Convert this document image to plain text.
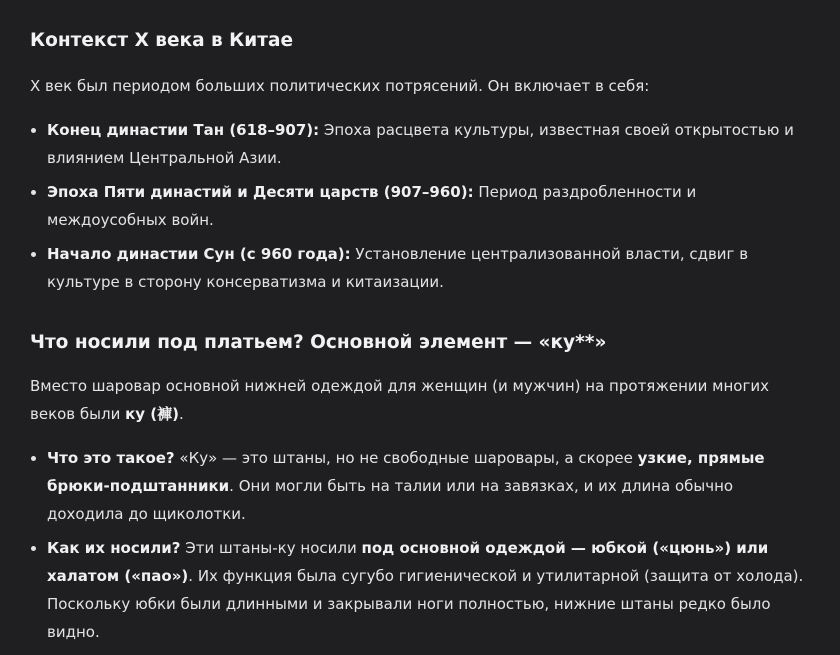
Контекст X века в Китае

X век был периодом больших политических потрясений. Он включает в себя:

• Конец династии Тан (618–907): Эпоха расцвета культуры, известная своей открытостью и влиянием Центральной Азии.
• Эпоха Пяти династий и Десяти царств (907–960): Период раздробленности и междоусобных войн.
• Начало династии Сун (с 960 года): Установление централизованной власти, сдвиг в культуре в сторону консерватизма и китаизации.
Что носили под платьем? Основной элемент — «ку**»

Вместо шаровар основной нижней одеждой для женщин (и мужчин) на протяжении многих веков были ку (褲).

• Что это такое? «Ку» — это штаны, но не свободные шаровары, а скорее узкие, прямые брюки-подштанники. Они могли быть на талии или на завязках, и их длина обычно доходила до щиколотки.
• Как их носили? Эти штаны-ку носили под основной одеждой — юбкой («цюнь») или халатом («пао»). Их функция была сугубо гигиенической и утилитарной (защита от холода). Поскольку юбки были длинными и закрывали ноги полностью, нижние штаны редко было видно.
